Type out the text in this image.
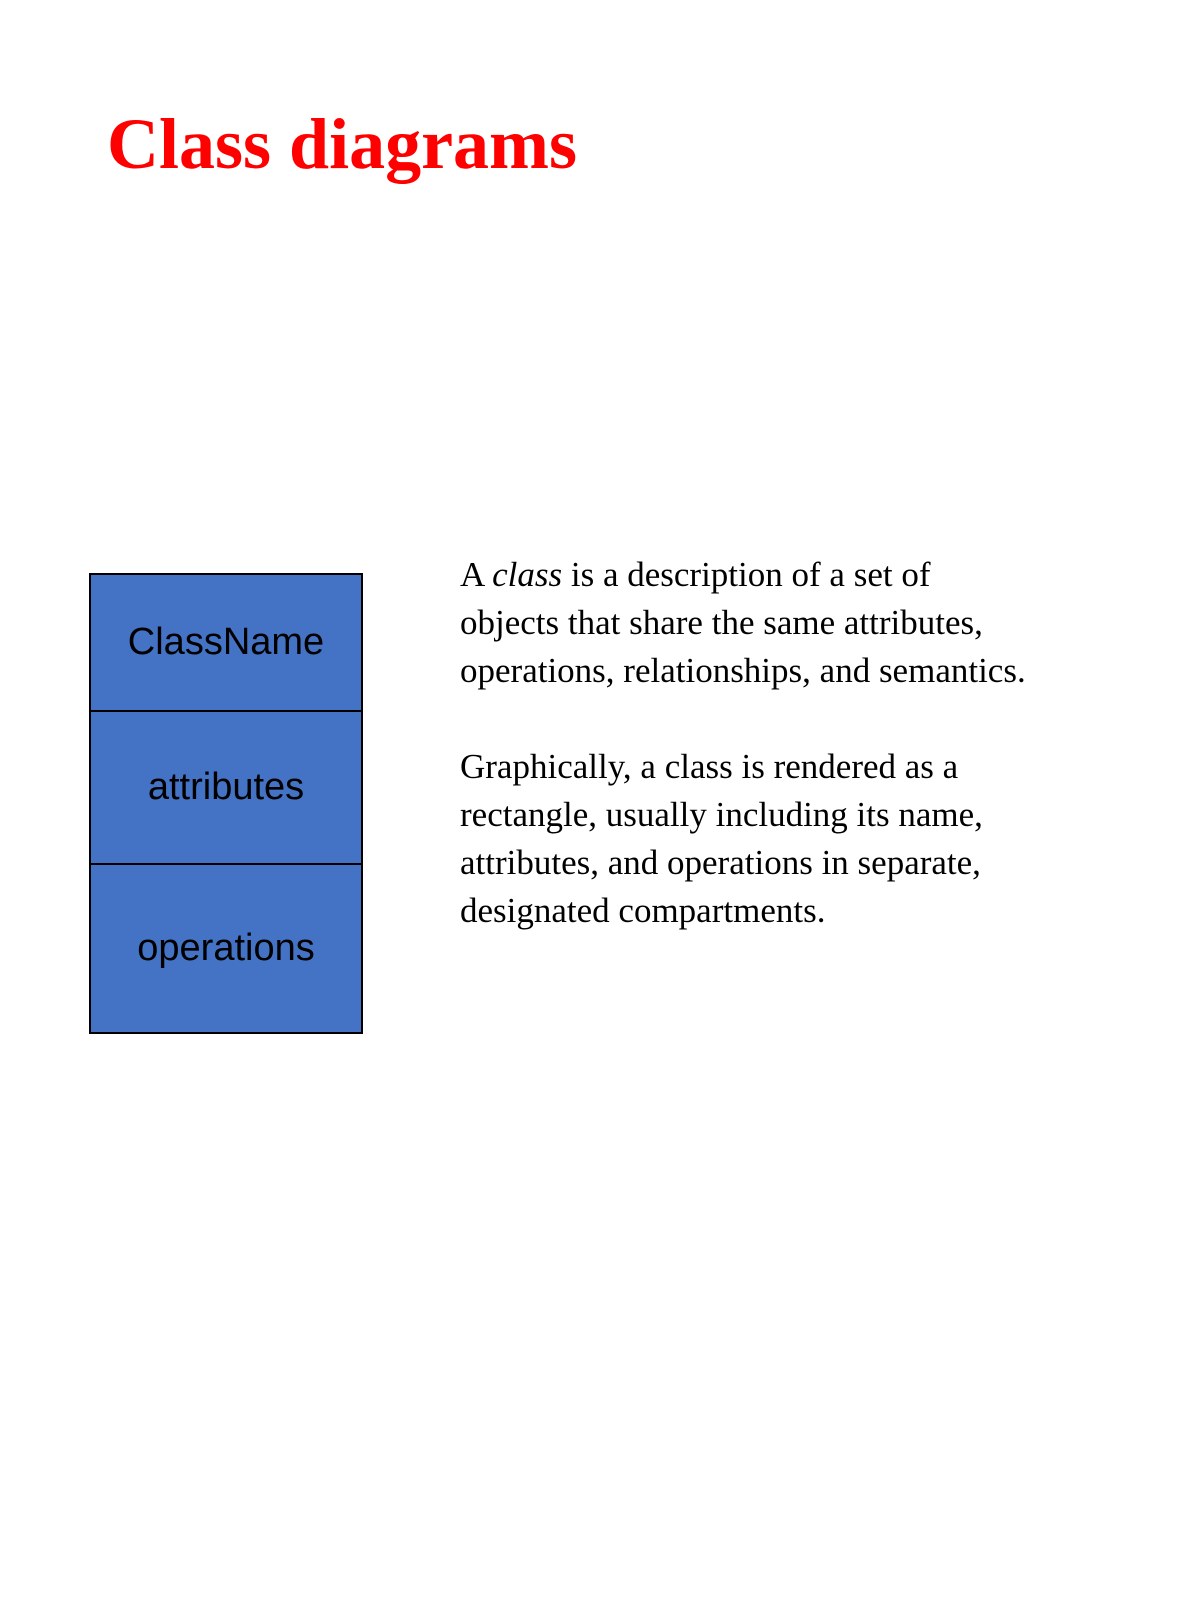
Class diagrams
ClassName
attributes
operations

A class is a description of a set of
objects that share the same attributes,
operations, relationships, and semantics.

Graphically, a class is rendered as a
rectangle, usually including its name,
attributes, and operations in separate,
designated compartments.
